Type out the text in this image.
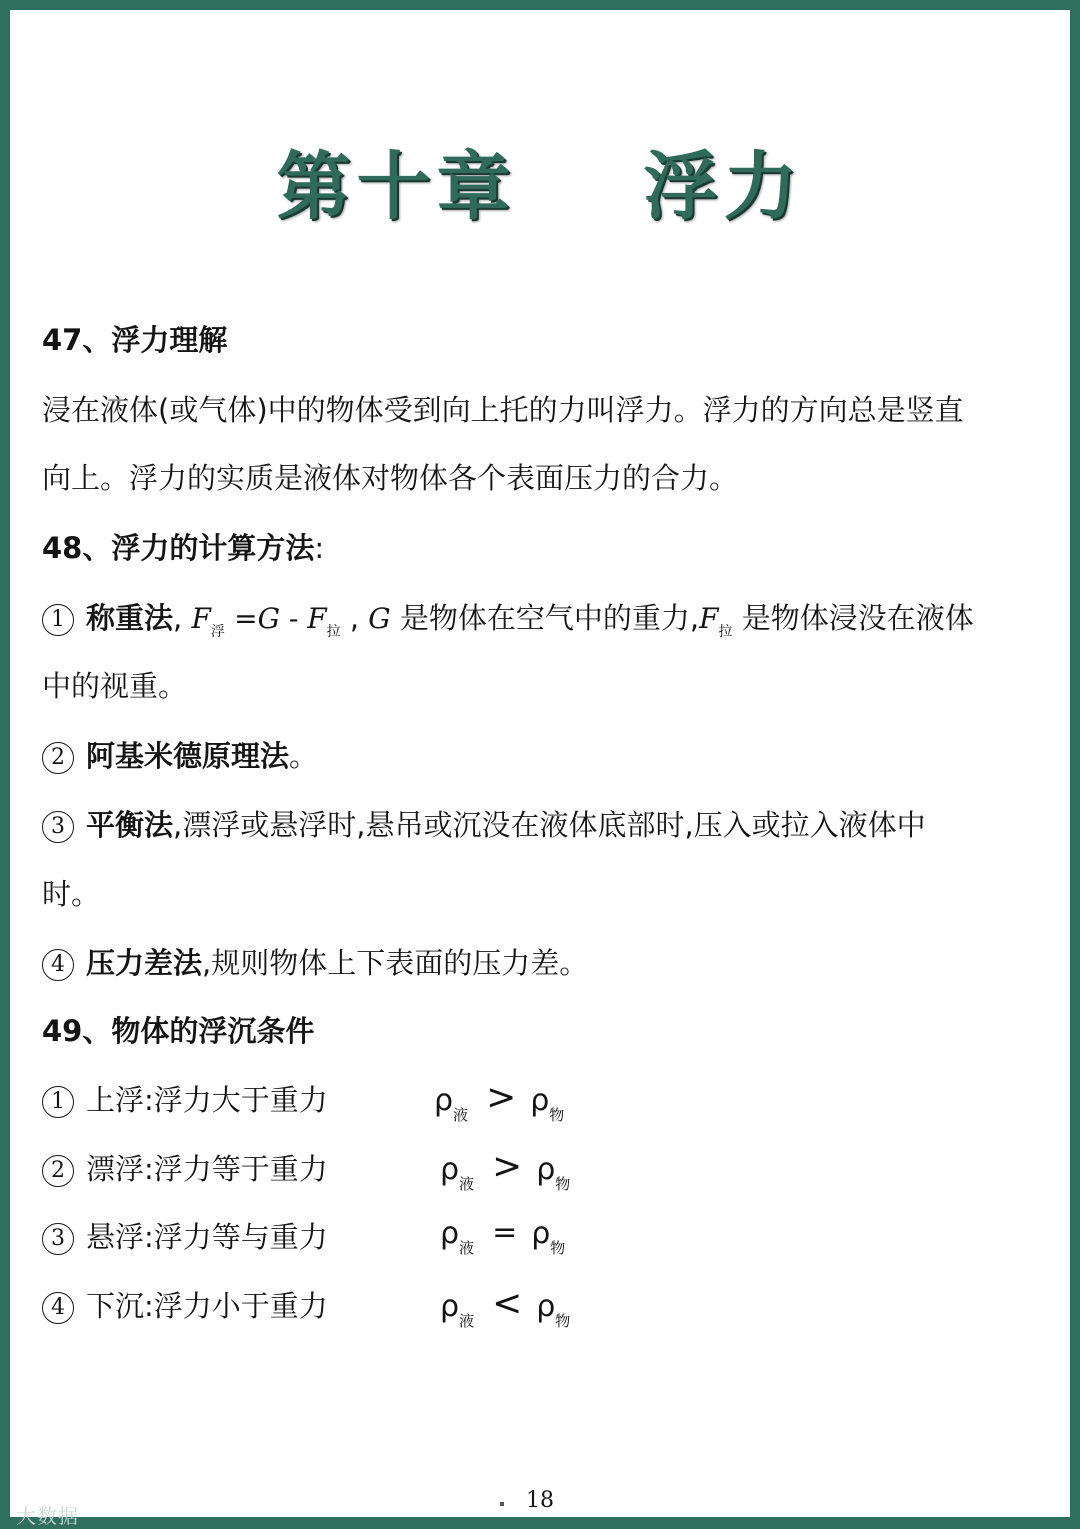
第十章    浮力
47、浮力理解
浸在液体(或气体)中的物体受到向上托的力叫浮力。浮力的方向总是竖直
向上。浮力的实质是液体对物体各个表面压力的合力。
48、浮力的计算方法:
1 称重法, $F_浮 =G - F_拉$ , G 是物体在空气中的重力$,F_拉$ 是物体浸没在液体
中的视重。
2 阿基米德原理法。
3 平衡法,漂浮或悬浮时,悬吊或沉没在液体底部时,压入或拉入液体中
时。
4 压力差法,规则物体上下表面的压力差。
49、物体的浮沉条件
1 上浮:浮力大于重力	$\rho_液 > \rho_物$
2 漂浮:浮力等于重力	$\rho_液 > \rho_物$
3 悬浮:浮力等与重力	$\rho_液 = \rho_物$
4 下沉:浮力小于重力	$\rho_液 < \rho_物$
18
大数据
